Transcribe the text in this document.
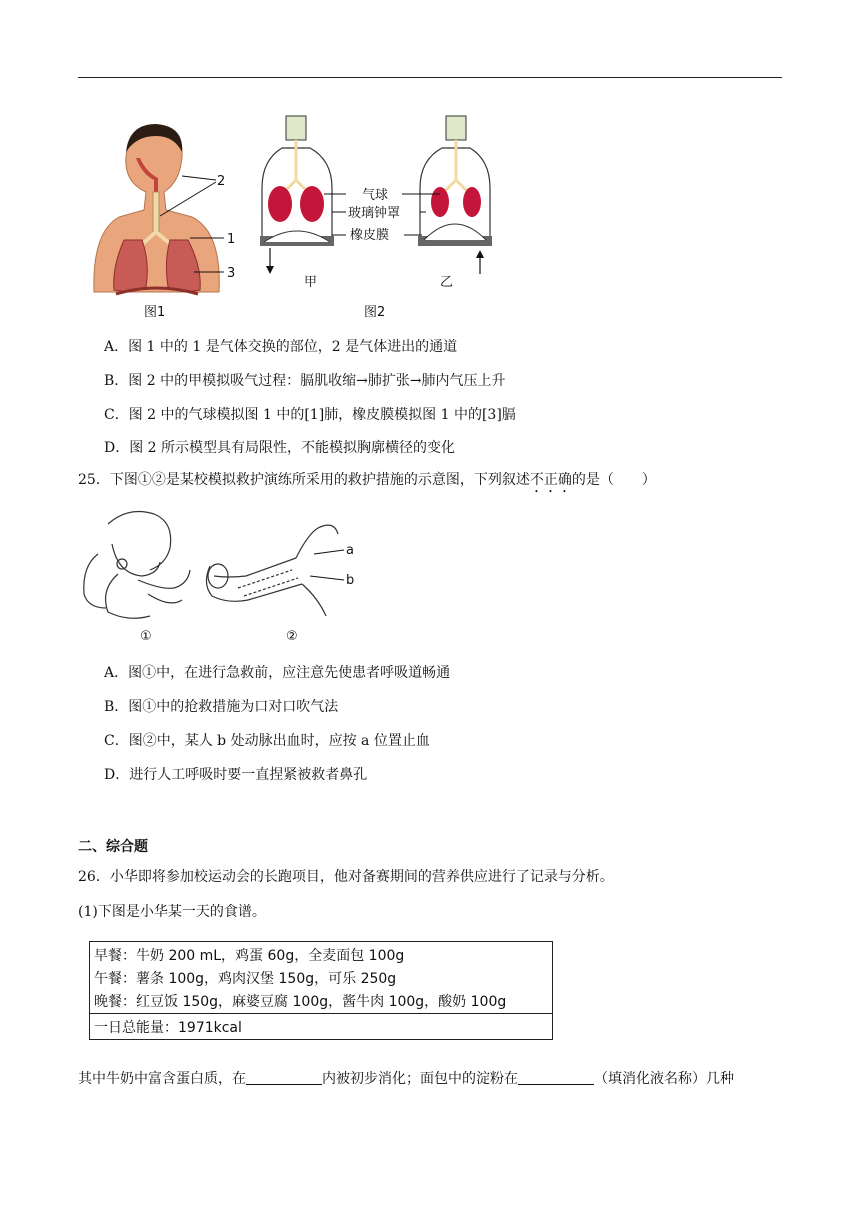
2
1
3
图1
气球
玻璃钟罩
橡皮膜
甲	乙
图2
A．图 1 中的 1 是气体交换的部位，2 是气体进出的通道
B．图 2 中的甲模拟吸气过程：膈肌收缩→肺扩张→肺内气压上升
C．图 2 中的气球模拟图 1 中的[1]肺，橡皮膜模拟图 1 中的[3]膈
D．图 2 所示模型具有局限性，不能模拟胸廓横径的变化
25．下图①②是某校模拟救护演练所采用的救护措施的示意图，下列叙述不正确的是（　　）
a
b
①	②
A．图①中，在进行急救前，应注意先使患者呼吸道畅通
B．图①中的抢救措施为口对口吹气法
C．图②中，某人 b 处动脉出血时，应按 a 位置止血
D．进行人工呼吸时要一直捏紧被救者鼻孔
二、综合题
26．小华即将参加校运动会的长跑项目，他对备赛期间的营养供应进行了记录与分析。
(1)下图是小华某一天的食谱。
早餐：牛奶 200 mL，鸡蛋 60g，全麦面包 100g
午餐：薯条 100g，鸡肉汉堡 150g，可乐 250g
晚餐：红豆饭 150g，麻婆豆腐 100g，酱牛肉 100g，酸奶 100g
一日总能量：1971kcal
其中牛奶中富含蛋白质，在	内被初步消化；面包中的淀粉在	（填消化液名称）几种
